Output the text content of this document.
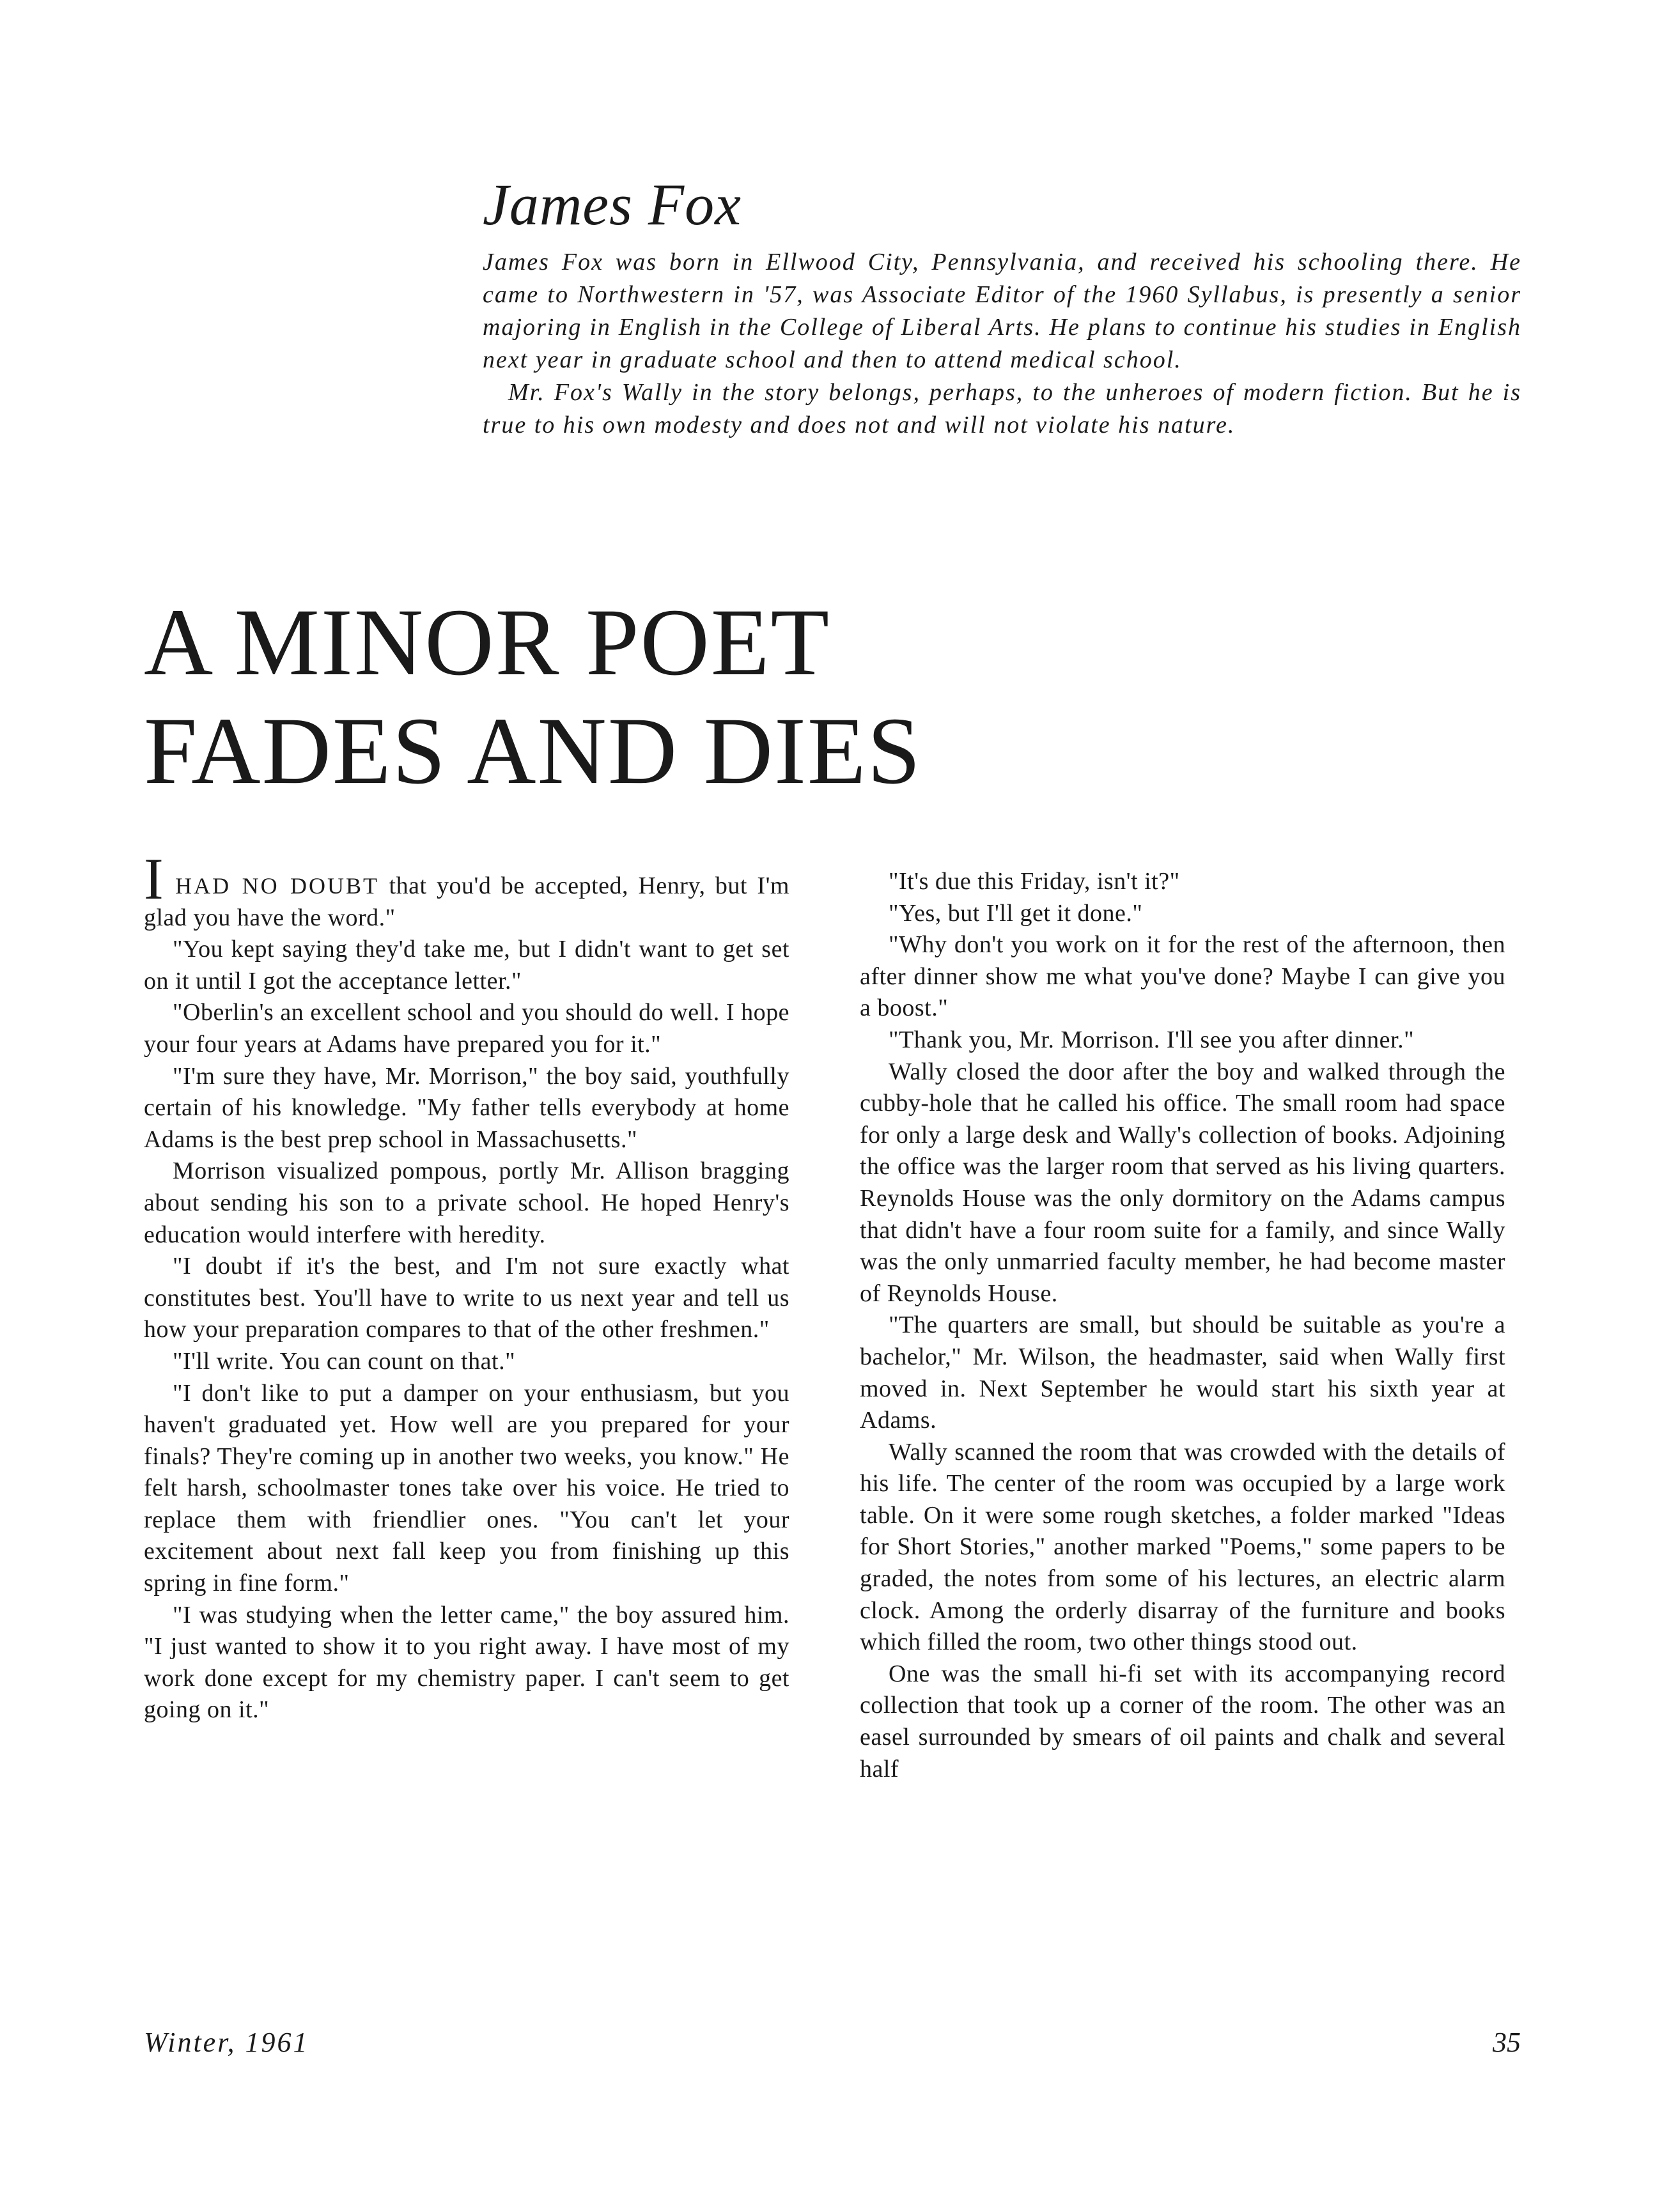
James Fox

James Fox was born in Ellwood City, Pennsylvania, and received his schooling there. He came to Northwestern in '57, was Associate Editor of the 1960 Syllabus, is presently a senior majoring in English in the College of Liberal Arts. He plans to continue his studies in English next year in graduate school and then to attend medical school.

Mr. Fox's Wally in the story belongs, perhaps, to the unheroes of modern fiction. But he is true to his own modesty and does not and will not violate his nature.

A MINOR POET
FADES AND DIES

IHAD NO DOUBT that you'd be accepted, Henry, but I'm glad you have the word."

"You kept saying they'd take me, but I didn't want to get set on it until I got the acceptance letter."

"Oberlin's an excellent school and you should do well. I hope your four years at Adams have prepared you for it."

"I'm sure they have, Mr. Morrison," the boy said, youthfully certain of his knowledge. "My father tells everybody at home Adams is the best prep school in Massachusetts."

Morrison visualized pompous, portly Mr. Allison bragging about sending his son to a private school. He hoped Henry's education would interfere with heredity.

"I doubt if it's the best, and I'm not sure exactly what constitutes best. You'll have to write to us next year and tell us how your preparation compares to that of the other freshmen."

"I'll write. You can count on that."

"I don't like to put a damper on your enthusiasm, but you haven't graduated yet. How well are you prepared for your finals? They're coming up in another two weeks, you know." He felt harsh, schoolmaster tones take over his voice. He tried to replace them with friendlier ones. "You can't let your excitement about next fall keep you from finishing up this spring in fine form."

"I was studying when the letter came," the boy assured him. "I just wanted to show it to you right away. I have most of my work done except for my chemistry paper. I can't seem to get going on it."

"It's due this Friday, isn't it?"

"Yes, but I'll get it done."

"Why don't you work on it for the rest of the afternoon, then after dinner show me what you've done? Maybe I can give you a boost."

"Thank you, Mr. Morrison. I'll see you after dinner."

Wally closed the door after the boy and walked through the cubby-hole that he called his office. The small room had space for only a large desk and Wally's collection of books. Adjoining the office was the larger room that served as his living quarters. Reynolds House was the only dormitory on the Adams campus that didn't have a four room suite for a family, and since Wally was the only unmarried faculty member, he had become master of Reynolds House.

"The quarters are small, but should be suitable as you're a bachelor," Mr. Wilson, the headmaster, said when Wally first moved in. Next September he would start his sixth year at Adams.

Wally scanned the room that was crowded with the details of his life. The center of the room was occupied by a large work table. On it were some rough sketches, a folder marked "Ideas for Short Stories," another marked "Poems," some papers to be graded, the notes from some of his lectures, an electric alarm clock. Among the orderly disarray of the furniture and books which filled the room, two other things stood out.

One was the small hi-fi set with its accompanying record collection that took up a corner of the room. The other was an easel surrounded by smears of oil paints and chalk and several half

Winter, 1961	35
